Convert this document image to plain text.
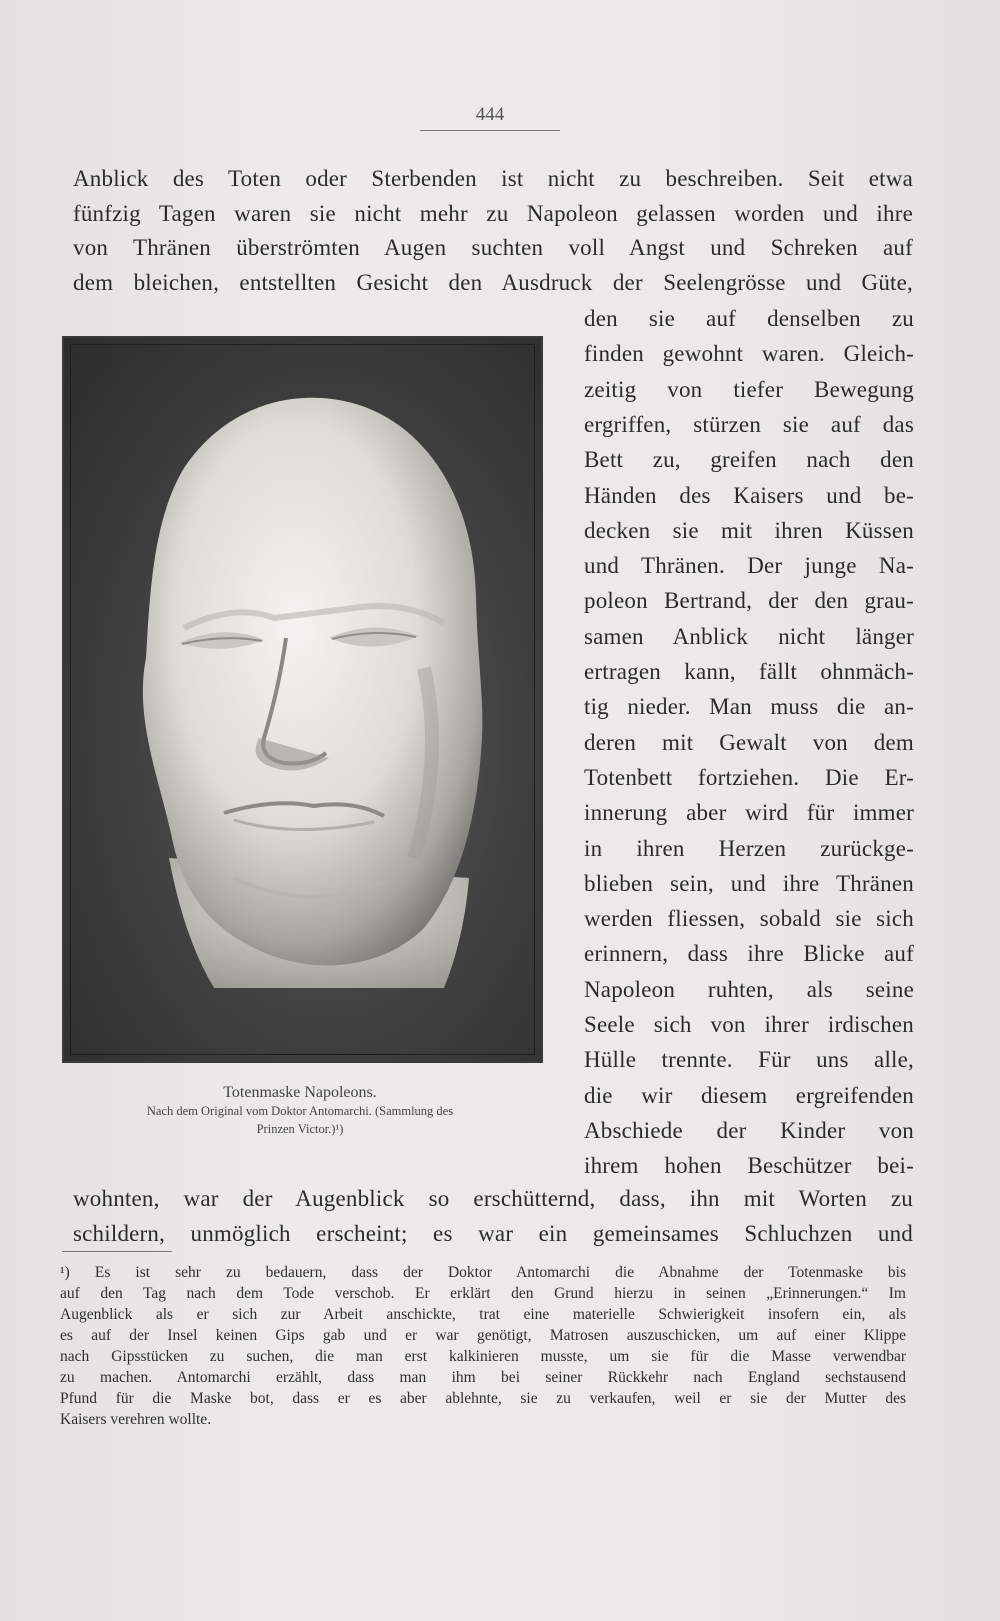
444

Anblick des Toten oder Sterbenden ist nicht zu beschreiben. Seit etwa

fünfzig Tagen waren sie nicht mehr zu Napoleon gelassen worden und ihre

von Thränen überströmten Augen suchten voll Angst und Schreken auf

dem bleichen, entstellten Gesicht den Ausdruck der Seelengrösse und Güte,

Totenmaske Napoleons.
Nach dem Original vom Doktor Antomarchi. (Sammlung des
Prinzen Victor.)¹)

den sie auf denselben zu

finden gewohnt waren. Gleich-

zeitig von tiefer Bewegung

ergriffen, stürzen sie auf das

Bett zu, greifen nach den

Händen des Kaisers und be-

decken sie mit ihren Küssen

und Thränen. Der junge Na-

poleon Bertrand, der den grau-

samen Anblick nicht länger

ertragen kann, fällt ohnmäch-

tig nieder. Man muss die an-

deren mit Gewalt von dem

Totenbett fortziehen. Die Er-

innerung aber wird für immer

in ihren Herzen zurückge-

blieben sein, und ihre Thränen

werden fliessen, sobald sie sich

erinnern, dass ihre Blicke auf

Napoleon ruhten, als seine

Seele sich von ihrer irdischen

Hülle trennte. Für uns alle,

die wir diesem ergreifenden

Abschiede der Kinder von

ihrem hohen Beschützer bei-

wohnten, war der Augenblick so erschütternd, dass, ihn mit Worten zu

schildern, unmöglich erscheint; es war ein gemeinsames Schluchzen und

¹) Es ist sehr zu bedauern, dass der Doktor Antomarchi die Abnahme der Totenmaske bis

auf den Tag nach dem Tode verschob. Er erklärt den Grund hierzu in seinen „Erinnerungen.“ Im

Augenblick als er sich zur Arbeit anschickte, trat eine materielle Schwierigkeit insofern ein, als

es auf der Insel keinen Gips gab und er war genötigt, Matrosen auszuschicken, um auf einer Klippe

nach Gipsstücken zu suchen, die man erst kalkinieren musste, um sie für die Masse verwendbar

zu machen. Antomarchi erzählt, dass man ihm bei seiner Rückkehr nach England sechstausend

Pfund für die Maske bot, dass er es aber ablehnte, sie zu verkaufen, weil er sie der Mutter des

Kaisers verehren wollte.
